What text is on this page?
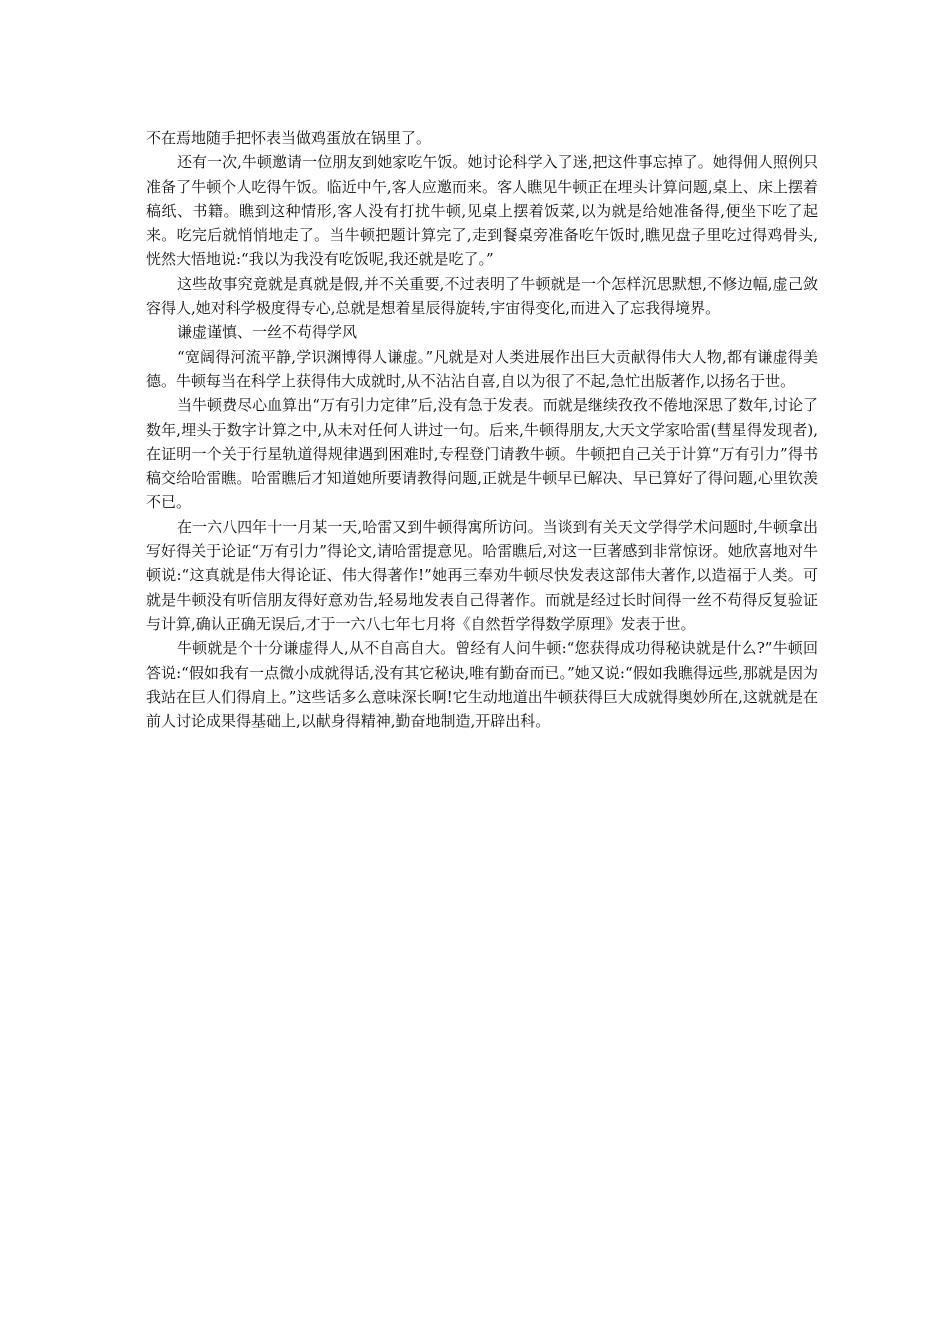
不在焉地随手把怀表当做鸡蛋放在锅里了。

还有一次,牛顿邀请一位朋友到她家吃午饭。她讨论科学入了迷,把这件事忘掉了。她得佣人照例只准备了牛顿个人吃得午饭。临近中午,客人应邀而来。客人瞧见牛顿正在埋头计算问题,桌上、床上摆着稿纸、书籍。瞧到这种情形,客人没有打扰牛顿,见桌上摆着饭菜,以为就是给她准备得,便坐下吃了起来。吃完后就悄悄地走了。当牛顿把题计算完了,走到餐桌旁准备吃午饭时,瞧见盘子里吃过得鸡骨头,恍然大悟地说:“我以为我没有吃饭呢,我还就是吃了。”

这些故事究竟就是真就是假,并不关重要,不过表明了牛顿就是一个怎样沉思默想,不修边幅,虚己敛容得人,她对科学极度得专心,总就是想着星辰得旋转,宇宙得变化,而进入了忘我得境界。

谦虚谨慎、一丝不苟得学风

“宽阔得河流平静,学识渊博得人谦虚。”凡就是对人类进展作出巨大贡献得伟大人物,都有谦虚得美德。牛顿每当在科学上获得伟大成就时,从不沾沾自喜,自以为很了不起,急忙出版著作,以扬名于世。

当牛顿费尽心血算出“万有引力定律”后,没有急于发表。而就是继续孜孜不倦地深思了数年,讨论了数年,埋头于数字计算之中,从未对任何人讲过一句。后来,牛顿得朋友,大天文学家哈雷(彗星得发现者),在证明一个关于行星轨道得规律遇到困难时,专程登门请教牛顿。牛顿把自己关于计算“万有引力”得书稿交给哈雷瞧。哈雷瞧后才知道她所要请教得问题,正就是牛顿早已解决、早已算好了得问题,心里钦羡不已。

在一六八四年十一月某一天,哈雷又到牛顿得寓所访问。当谈到有关天文学得学术问题时,牛顿拿出写好得关于论证“万有引力”得论文,请哈雷提意见。哈雷瞧后,对这一巨著感到非常惊讶。她欣喜地对牛顿说:“这真就是伟大得论证、伟大得著作!”她再三奉劝牛顿尽快发表这部伟大著作,以造福于人类。可就是牛顿没有听信朋友得好意劝告,轻易地发表自己得著作。而就是经过长时间得一丝不苟得反复验证与计算,确认正确无误后,才于一六八七年七月将《自然哲学得数学原理》发表于世。

牛顿就是个十分谦虚得人,从不自高自大。曾经有人问牛顿:“您获得成功得秘诀就是什么?”牛顿回答说:“假如我有一点微小成就得话,没有其它秘诀,唯有勤奋而已。”她又说:“假如我瞧得远些,那就是因为我站在巨人们得肩上。”这些话多么意味深长啊!它生动地道出牛顿获得巨大成就得奥妙所在,这就就是在前人讨论成果得基础上,以献身得精神,勤奋地制造,开辟出科。
